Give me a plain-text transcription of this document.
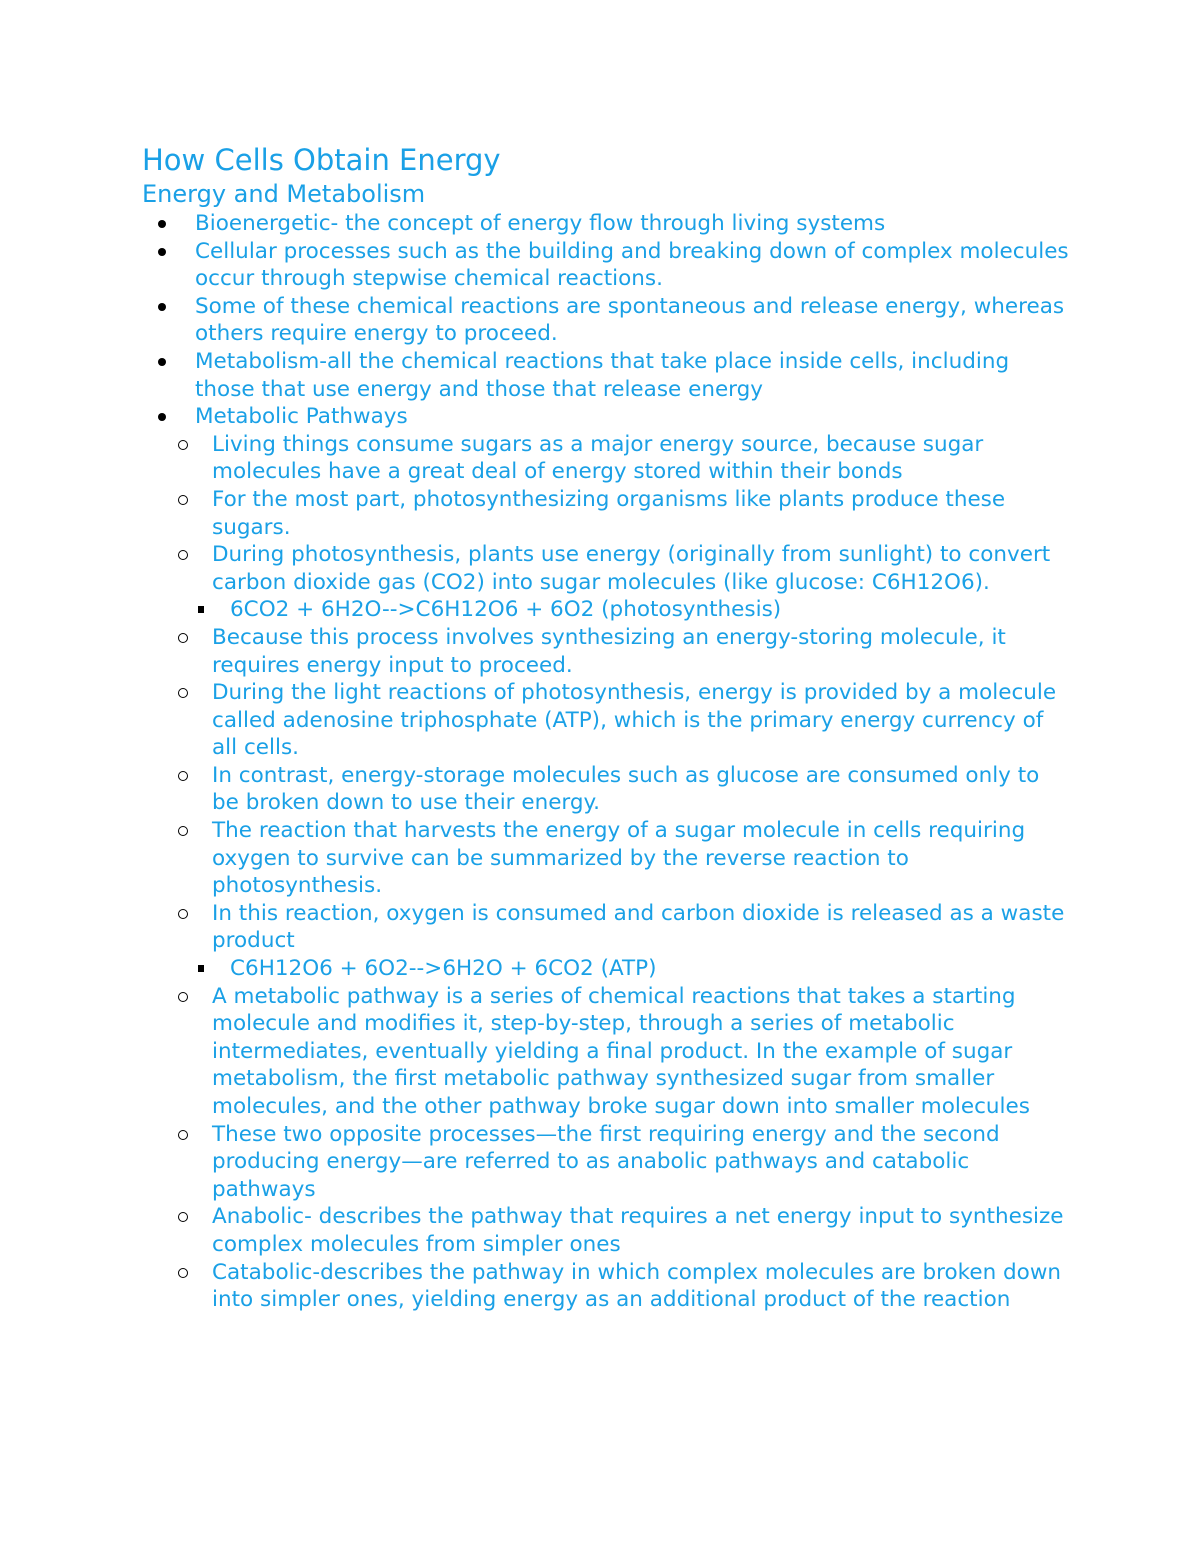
How Cells Obtain Energy
Energy and Metabolism
Bioenergetic- the concept of energy flow through living systems
Cellular processes such as the building and breaking down of complex molecules occur through stepwise chemical reactions.
Some of these chemical reactions are spontaneous and release energy, whereas others require energy to proceed.
Metabolism-all the chemical reactions that take place inside cells, including those that use energy and those that release energy
Metabolic Pathways
Living things consume sugars as a major energy source, because sugar molecules have a great deal of energy stored within their bonds
For the most part, photosynthesizing organisms like plants produce these sugars.
During photosynthesis, plants use energy (originally from sunlight) to convert carbon dioxide gas (CO2) into sugar molecules (like glucose: C6H12O6).
6CO2 + 6H2O-->C6H12O6 + 6O2 (photosynthesis)
Because this process involves synthesizing an energy-storing molecule, it requires energy input to proceed.
During the light reactions of photosynthesis, energy is provided by a molecule called adenosine triphosphate (ATP), which is the primary energy currency of all cells.
In contrast, energy-storage molecules such as glucose are consumed only to be broken down to use their energy.
The reaction that harvests the energy of a sugar molecule in cells requiring oxygen to survive can be summarized by the reverse reaction to photosynthesis.
In this reaction, oxygen is consumed and carbon dioxide is released as a waste product
C6H12O6 + 6O2-->6H2O + 6CO2 (ATP)
A metabolic pathway is a series of chemical reactions that takes a starting molecule and modifies it, step-by-step, through a series of metabolic intermediates, eventually yielding a final product. In the example of sugar metabolism, the first metabolic pathway synthesized sugar from smaller molecules, and the other pathway broke sugar down into smaller molecules
These two opposite processes—the first requiring energy and the second producing energy—are referred to as anabolic pathways and catabolic pathways
Anabolic- describes the pathway that requires a net energy input to synthesize complex molecules from simpler ones
Catabolic-describes the pathway in which complex molecules are broken down into simpler ones, yielding energy as an additional product of the reaction
